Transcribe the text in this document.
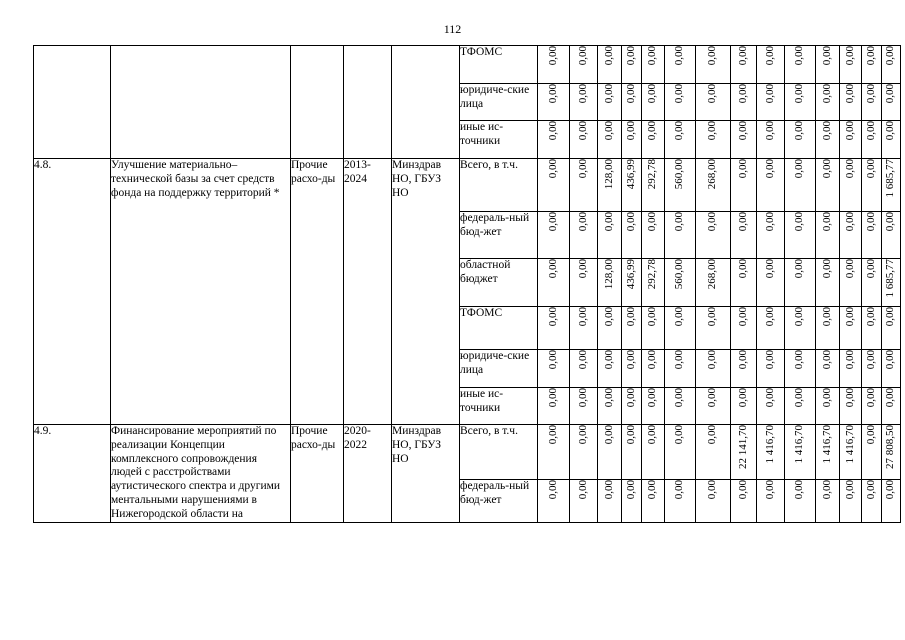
112
					ТФОМС	0,00	0,00	0,00	0,00	0,00	0,00	0,00	0,00	0,00	0,00	0,00	0,00	0,00	0,00
					юридиче-ские лица	0,00	0,00	0,00	0,00	0,00	0,00	0,00	0,00	0,00	0,00	0,00	0,00	0,00	0,00
					иные ис-точники	0,00	0,00	0,00	0,00	0,00	0,00	0,00	0,00	0,00	0,00	0,00	0,00	0,00	0,00
4.8.	Улучшение материально–технической базы за счет средств фонда на поддержку территорий *	Прочие расхо-ды	2013-2024	Минздрав НО, ГБУЗ НО	Всего, в т.ч.	0,00	0,00	128,00	436,99	292,78	560,00	268,00	0,00	0,00	0,00	0,00	0,00	0,00	1 685,77
					федераль-ный бюд-жет	0,00	0,00	0,00	0,00	0,00	0,00	0,00	0,00	0,00	0,00	0,00	0,00	0,00	0,00
					областной бюджет	0,00	0,00	128,00	436,99	292,78	560,00	268,00	0,00	0,00	0,00	0,00	0,00	0,00	1 685,77
					ТФОМС	0,00	0,00	0,00	0,00	0,00	0,00	0,00	0,00	0,00	0,00	0,00	0,00	0,00	0,00
					юридиче-ские лица	0,00	0,00	0,00	0,00	0,00	0,00	0,00	0,00	0,00	0,00	0,00	0,00	0,00	0,00
					иные ис-точники	0,00	0,00	0,00	0,00	0,00	0,00	0,00	0,00	0,00	0,00	0,00	0,00	0,00	0,00
4.9.	Финансирование мероприятий по реализации Концепции комплексного сопровождения людей с расстройствами аутистического спектра и другими ментальными нарушениями в Нижегородской области на	Прочие расхо-ды	2020-2022	Минздрав НО, ГБУЗ НО	Всего, в т.ч.	0,00	0,00	0,00	0,00	0,00	0,00	0,00	22 141,70	1 416,70	1 416,70	1 416,70	1 416,70	0,00	27 808,50
					федераль-ный бюд-жет	0,00	0,00	0,00	0,00	0,00	0,00	0,00	0,00	0,00	0,00	0,00	0,00	0,00	0,00
